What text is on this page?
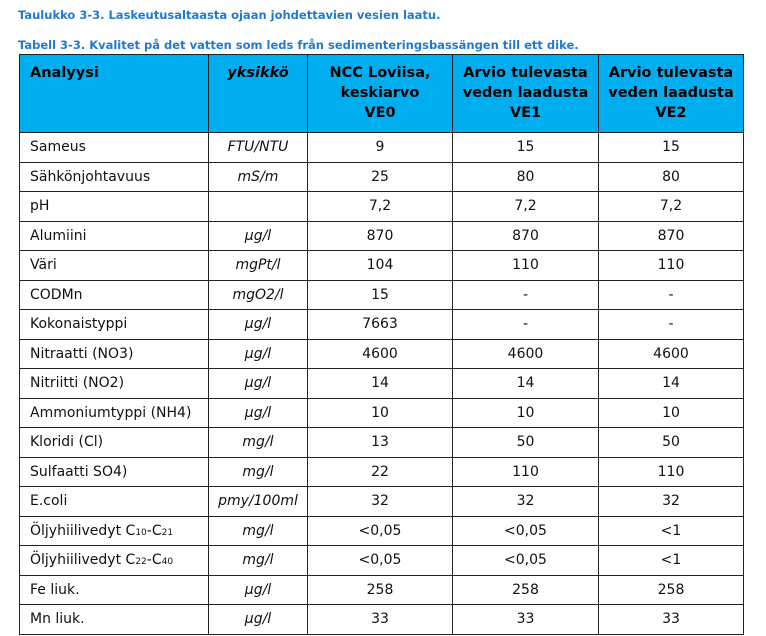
Taulukko 3-3. Laskeutusaltaasta ojaan johdettavien vesien laatu.
Tabell 3-3. Kvalitet på det vatten som leds från sedimenteringsbassängen till ett dike.
Analyysi	yksikkö	NCC Loviisa,
keskiarvo
VE0	Arvio tulevasta
veden laadusta
VE1	Arvio tulevasta
veden laadusta
VE2
Sameus	FTU/NTU	9	15	15
Sähkönjohtavuus	mS/m	25	80	80
pH		7,2	7,2	7,2
Alumiini	µg/l	870	870	870
Väri	mgPt/l	104	110	110
CODMn	mgO2/l	15	-	-
Kokonaistyppi	µg/l	7663	-	-
Nitraatti (NO3)	µg/l	4600	4600	4600
Nitriitti (NO2)	µg/l	14	14	14
Ammoniumtyppi (NH4)	µg/l	10	10	10
Kloridi (Cl)	mg/l	13	50	50
Sulfaatti SO4)	mg/l	22	110	110
E.coli	pmy/100ml	32	32	32
Öljyhiilivedyt C10-C21	mg/l	<0,05	<0,05	<1
Öljyhiilivedyt C22-C40	mg/l	<0,05	<0,05	<1
Fe liuk.	µg/l	258	258	258
Mn liuk.	µg/l	33	33	33
